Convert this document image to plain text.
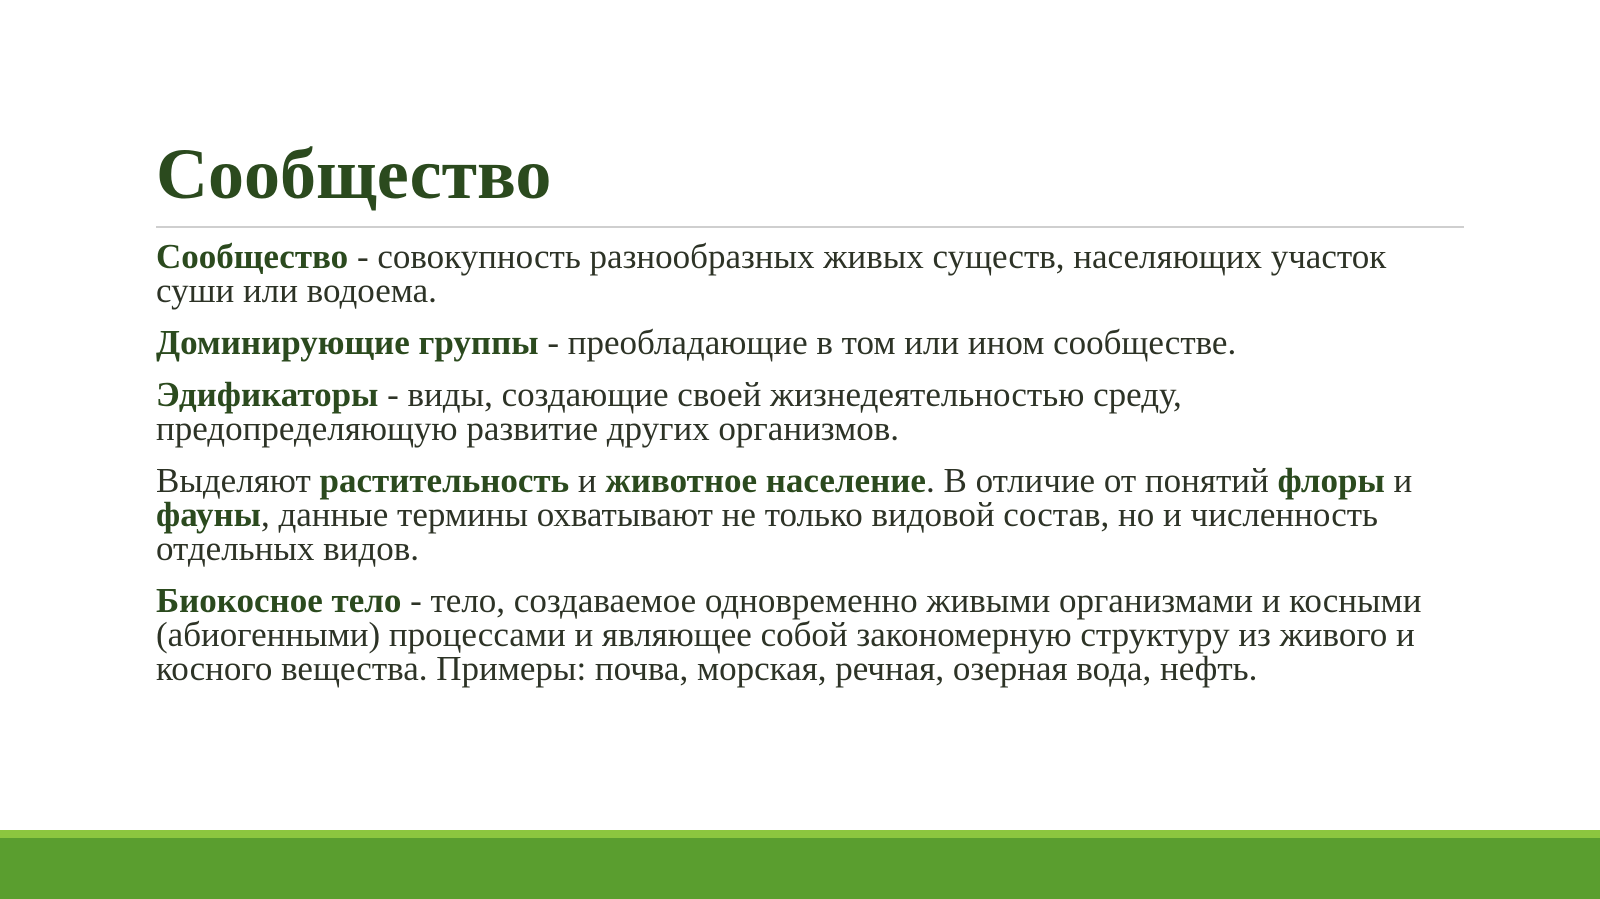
Сообщество

Сообщество - совокупность разнообразных живых существ, населяющих участок суши или водоема.

Доминирующие группы - преобладающие в том или ином сообществе.

Эдификаторы - виды, создающие своей жизнедеятельностью среду, предопределяющую развитие других организмов.

Выделяют растительность и животное население. В отличие от понятий флоры и фауны, данные термины охватывают не только видовой состав, но и численность отдельных видов.

Биокосное тело - тело, создаваемое одновременно живыми организмами и косными (абиогенными) процессами и являющее собой закономерную структуру из живого и косного вещества. Примеры: почва, морская, речная, озерная вода, нефть.
